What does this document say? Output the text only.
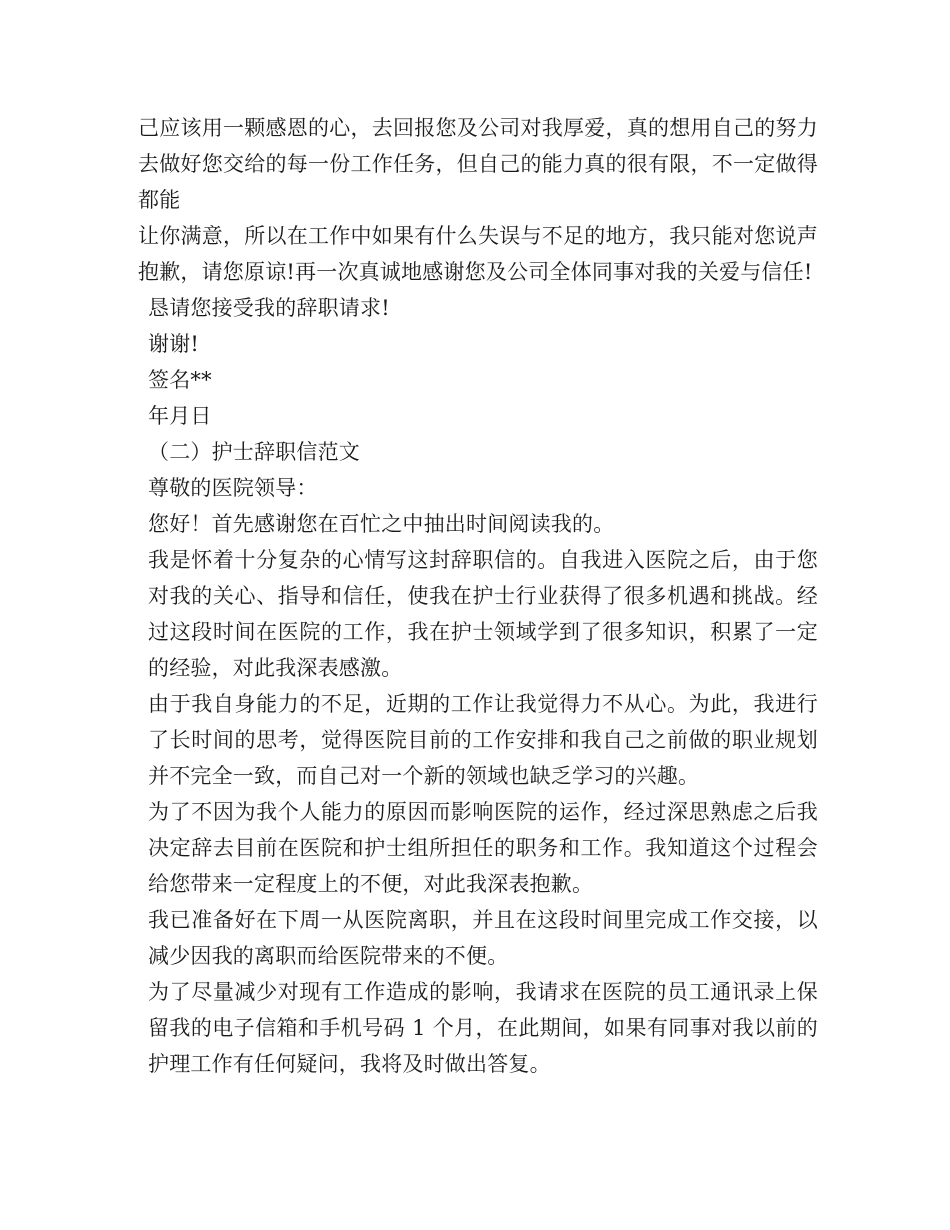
己应该用一颗感恩的心，去回报您及公司对我厚爱，真的想用自己的努力去做好您交给的每一份工作任务，但自己的能力真的很有限，不一定做得都能

让你满意，所以在工作中如果有什么失误与不足的地方，我只能对您说声抱歉，请您原谅!再一次真诚地感谢您及公司全体同事对我的关爱与信任!

恳请您接受我的辞职请求!

谢谢!

签名**

年月日

（二）护士辞职信范文

尊敬的医院领导：

您好！首先感谢您在百忙之中抽出时间阅读我的。

我是怀着十分复杂的心情写这封辞职信的。自我进入医院之后，由于您对我的关心、指导和信任，使我在护士行业获得了很多机遇和挑战。经过这段时间在医院的工作，我在护士领域学到了很多知识，积累了一定的经验，对此我深表感激。

由于我自身能力的不足，近期的工作让我觉得力不从心。为此，我进行了长时间的思考，觉得医院目前的工作安排和我自己之前做的职业规划并不完全一致，而自己对一个新的领域也缺乏学习的兴趣。

为了不因为我个人能力的原因而影响医院的运作，经过深思熟虑之后我决定辞去目前在医院和护士组所担任的职务和工作。我知道这个过程会给您带来一定程度上的不便，对此我深表抱歉。

我已准备好在下周一从医院离职，并且在这段时间里完成工作交接，以减少因我的离职而给医院带来的不便。

为了尽量减少对现有工作造成的影响，我请求在医院的员工通讯录上保留我的电子信箱和手机号码 1 个月，在此期间，如果有同事对我以前的护理工作有任何疑问，我将及时做出答复。
